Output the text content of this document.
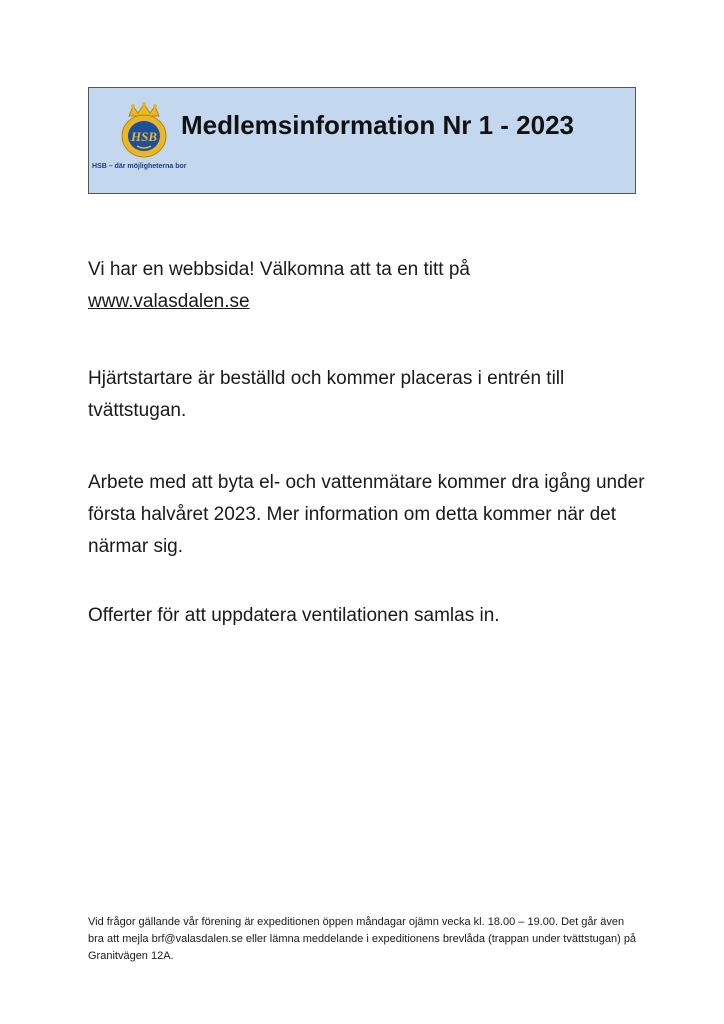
HSB
HSB – där möjligheterna bor
Medlemsinformation Nr 1 - 2023

Vi har en webbsida! Välkomna att ta en titt på
www.valasdalen.se

Hjärtstartare är beställd och kommer placeras i entrén till tvättstugan.

Arbete med att byta el- och vattenmätare kommer dra igång under första halvåret 2023. Mer information om detta kommer när det närmar sig.

Offerter för att uppdatera ventilationen samlas in.

Vid frågor gällande vår förening är expeditionen öppen måndagar ojämn vecka kl. 18.00 – 19.00. Det går även bra att mejla brf@valasdalen.se eller lämna meddelande i expeditionens brevlåda (trappan under tvättstugan) på Granitvägen 12A.
